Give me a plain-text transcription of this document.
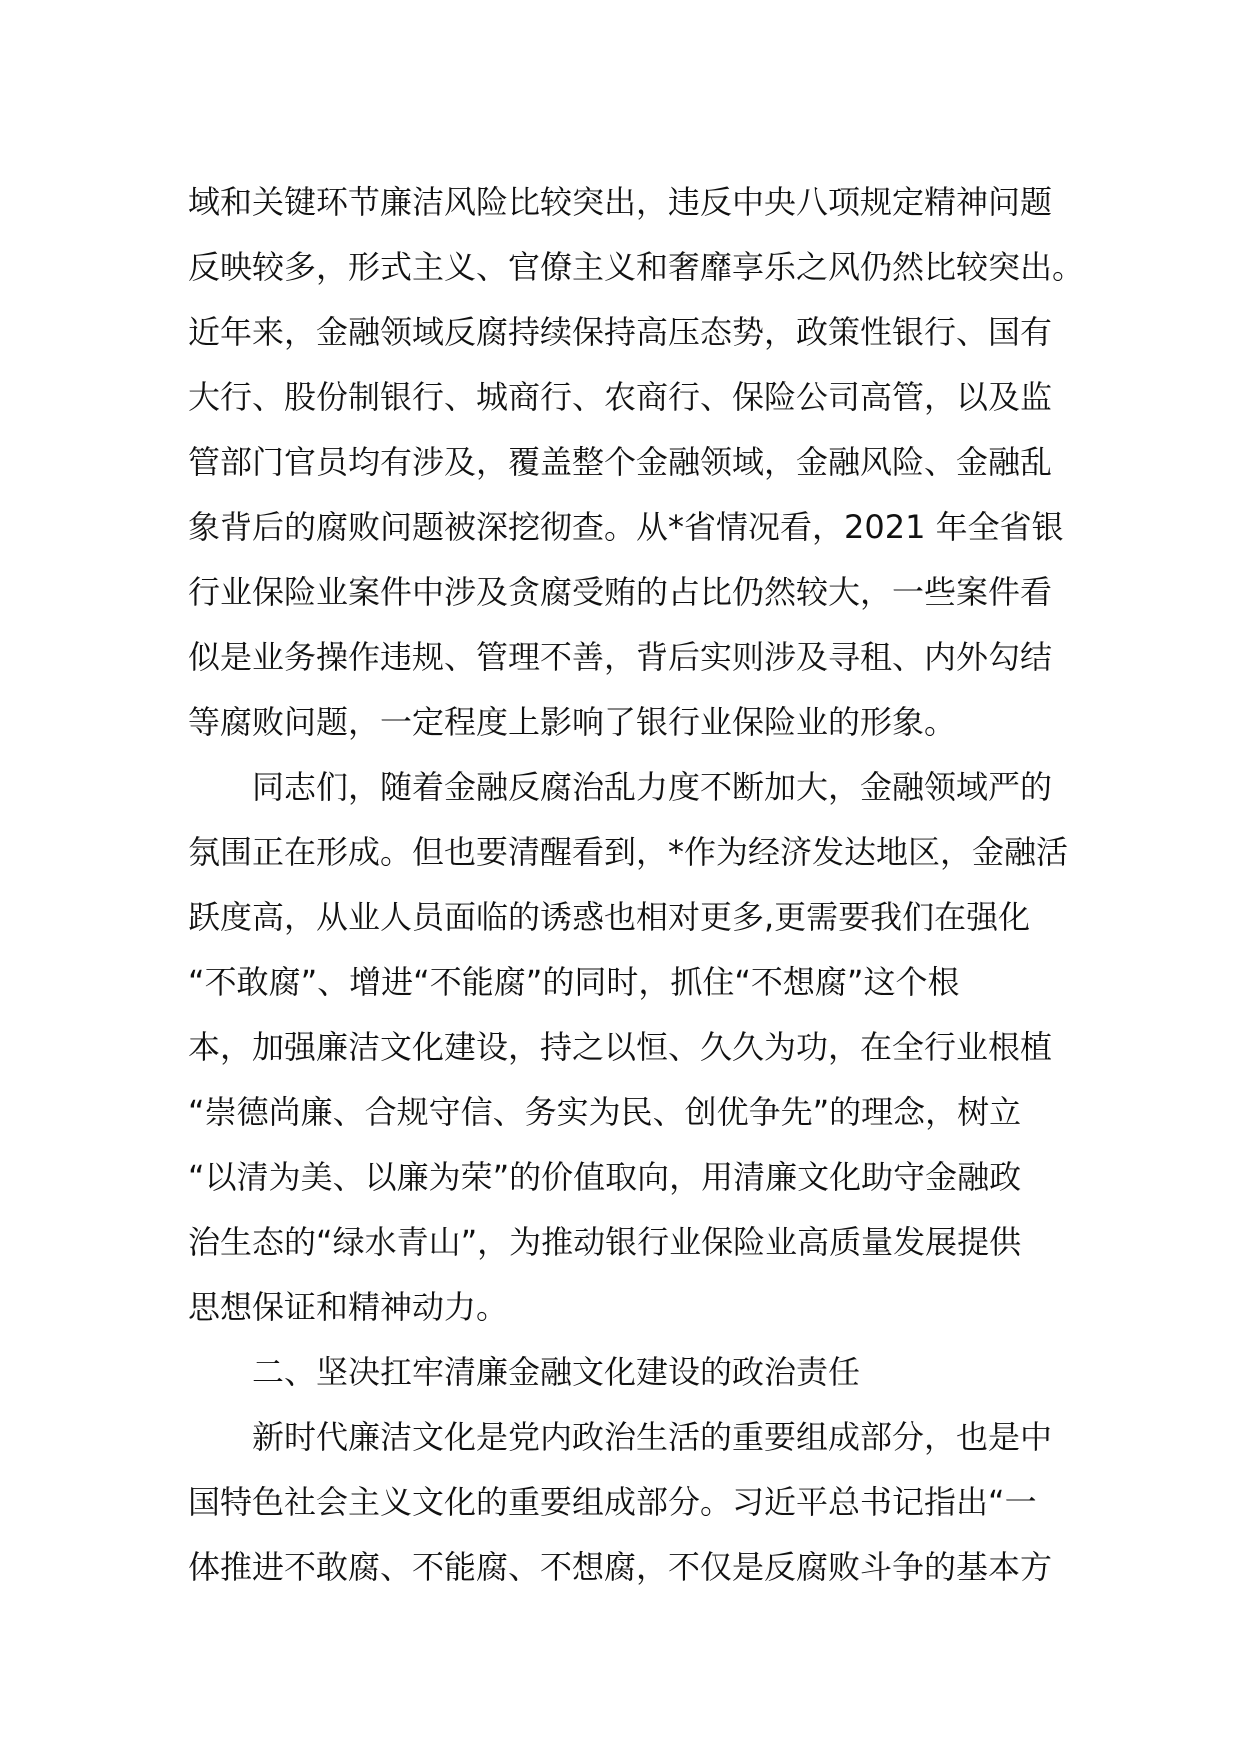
域和关键环节廉洁风险比较突出，违反中央八项规定精神问题
反映较多，形式主义、官僚主义和奢靡享乐之风仍然比较突出。
近年来，金融领域反腐持续保持高压态势，政策性银行、国有
大行、股份制银行、城商行、农商行、保险公司高管，以及监
管部门官员均有涉及，覆盖整个金融领域，金融风险、金融乱
象背后的腐败问题被深挖彻查。从*省情况看，2021 年全省银
行业保险业案件中涉及贪腐受贿的占比仍然较大，一些案件看
似是业务操作违规、管理不善，背后实则涉及寻租、内外勾结
等腐败问题，一定程度上影响了银行业保险业的形象。
同志们，随着金融反腐治乱力度不断加大，金融领域严的
氛围正在形成。但也要清醒看到，*作为经济发达地区，金融活
跃度高，从业人员面临的诱惑也相对更多,更需要我们在强化
“不敢腐”、增进“不能腐”的同时，抓住“不想腐”这个根
本，加强廉洁文化建设，持之以恒、久久为功，在全行业根植
“崇德尚廉、合规守信、务实为民、创优争先”的理念，树立
“以清为美、以廉为荣”的价值取向，用清廉文化助守金融政
治生态的“绿水青山”，为推动银行业保险业高质量发展提供
思想保证和精神动力。
二、坚决扛牢清廉金融文化建设的政治责任
新时代廉洁文化是党内政治生活的重要组成部分，也是中
国特色社会主义文化的重要组成部分。习近平总书记指出“一
体推进不敢腐、不能腐、不想腐，不仅是反腐败斗争的基本方
